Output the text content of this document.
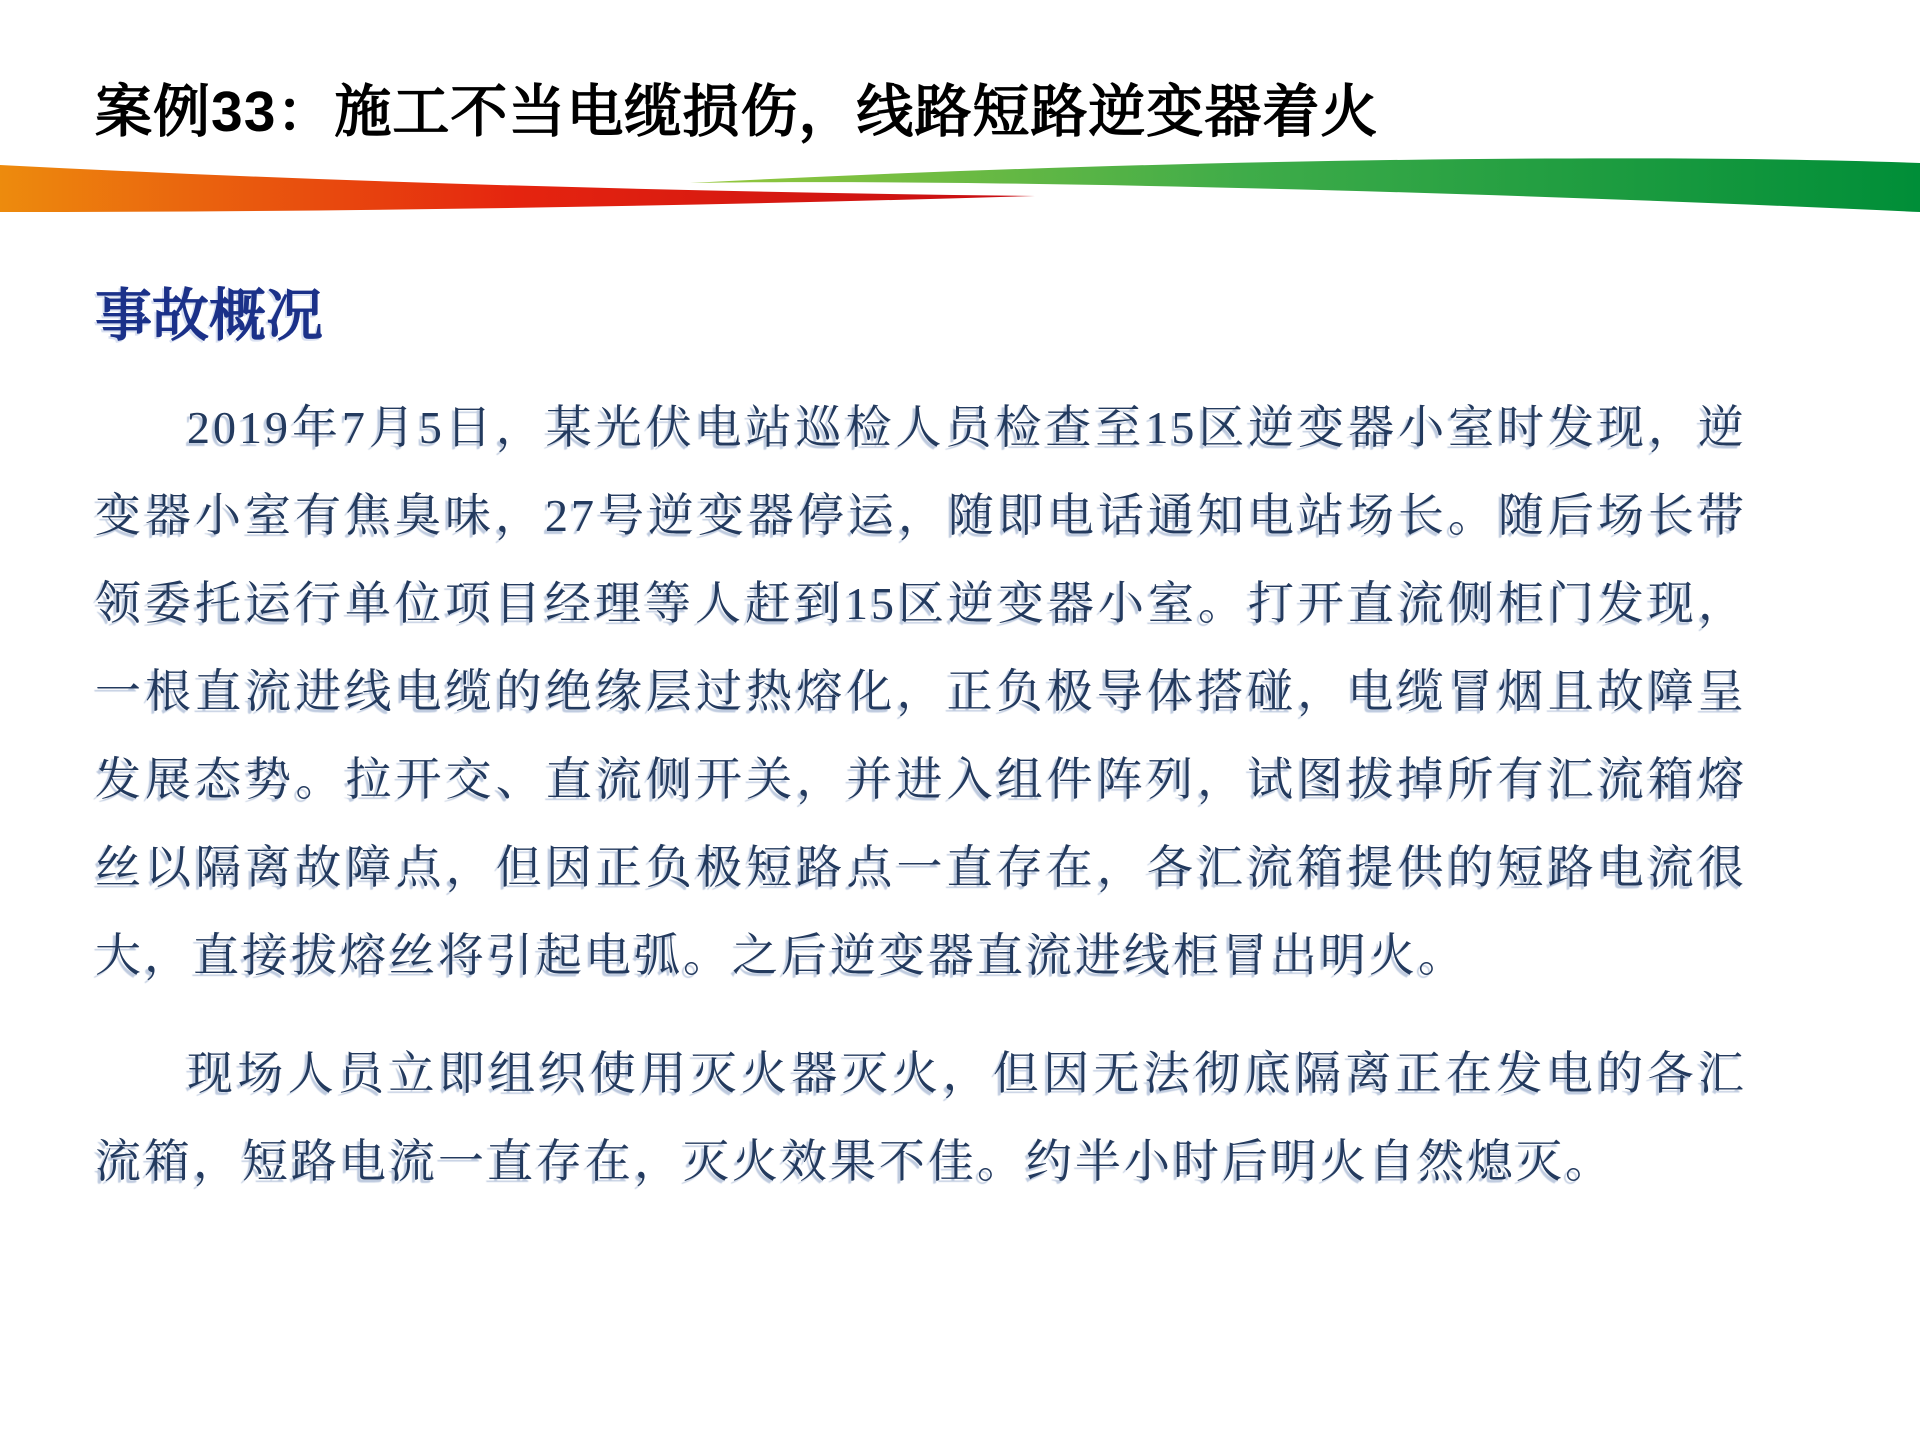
案例33：施工不当电缆损伤，线路短路逆变器着火
事故概况

2019年7月5日，某光伏电站巡检人员检查至15区逆变器小室时发现，逆变器小室有焦臭味，27号逆变器停运，随即电话通知电站场长。随后场长带领委托运行单位项目经理等人赶到15区逆变器小室。打开直流侧柜门发现，一根直流进线电缆的绝缘层过热熔化，正负极导体搭碰，电缆冒烟且故障呈发展态势。拉开交、直流侧开关，并进入组件阵列，试图拔掉所有汇流箱熔丝以隔离故障点，但因正负极短路点一直存在，各汇流箱提供的短路电流很大，直接拔熔丝将引起电弧。之后逆变器直流进线柜冒出明火。

现场人员立即组织使用灭火器灭火，但因无法彻底隔离正在发电的各汇流箱，短路电流一直存在，灭火效果不佳。约半小时后明火自然熄灭。
